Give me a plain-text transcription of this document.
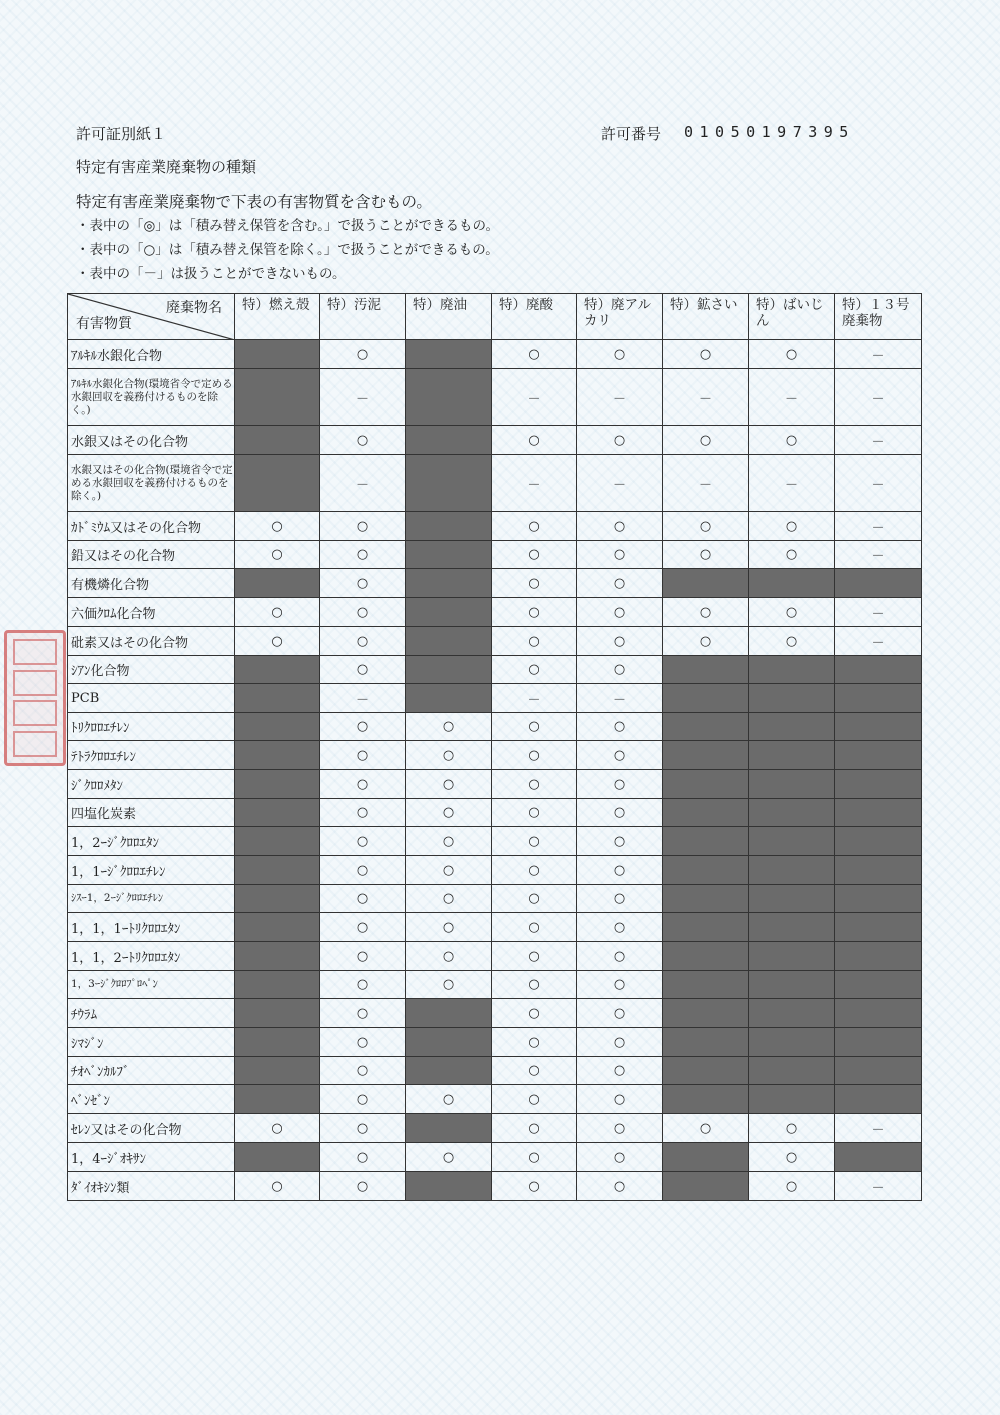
許可証別紙１	許可番号 01050197395
特定有害産業廃棄物の種類
特定有害産業廃棄物で下表の有害物質を含むもの。
・表中の「◎」は「積み替え保管を含む。」で扱うことができるもの。
・表中の「○」は「積み替え保管を除く。」で扱うことができるもの。
・表中の「－」は扱うことができないもの。
廃棄物名
有害物質	特）燃え殻	特）汚泥	特）廃油	特）廃酸	特）廃アルカリ	特）鉱さい	特）ばいじん	特）１３号廃棄物
ｱﾙｷﾙ水銀化合物		○		○	○	○	○	－
ｱﾙｷﾙ水銀化合物(環境省令で定める水銀回収を義務付けるものを除く。)		－		－	－	－	－	－
水銀又はその化合物		○		○	○	○	○	－
水銀又はその化合物(環境省令で定める水銀回収を義務付けるものを除く。)		－		－	－	－	－	－
ｶﾄﾞﾐｳﾑ又はその化合物	○	○		○	○	○	○	－
鉛又はその化合物	○	○		○	○	○	○	－
有機燐化合物		○		○	○			
六価ｸﾛﾑ化合物	○	○		○	○	○	○	－
砒素又はその化合物	○	○		○	○	○	○	－
ｼｱﾝ化合物		○		○	○			
PCB		－		－	－			
ﾄﾘｸﾛﾛｴﾁﾚﾝ		○	○	○	○			
ﾃﾄﾗｸﾛﾛｴﾁﾚﾝ		○	○	○	○			
ｼﾞｸﾛﾛﾒﾀﾝ		○	○	○	○			
四塩化炭素		○	○	○	○			
1，2ｰｼﾞｸﾛﾛｴﾀﾝ		○	○	○	○			
1，1ｰｼﾞｸﾛﾛｴﾁﾚﾝ		○	○	○	○			
ｼｽｰ1，2ｰｼﾞｸﾛﾛｴﾁﾚﾝ		○	○	○	○			
1，1，1ｰﾄﾘｸﾛﾛｴﾀﾝ		○	○	○	○			
1，1，2ｰﾄﾘｸﾛﾛｴﾀﾝ		○	○	○	○			
1，3ｰｼﾞｸﾛﾛﾌﾟﾛﾍﾟﾝ		○	○	○	○			
ﾁｳﾗﾑ		○		○	○			
ｼﾏｼﾞﾝ		○		○	○			
ﾁｵﾍﾞﾝｶﾙﾌﾞ		○		○	○			
ﾍﾞﾝｾﾞﾝ		○	○	○	○			
ｾﾚﾝ又はその化合物	○	○		○	○	○	○	－
1，4ｰｼﾞｵｷｻﾝ		○	○	○	○		○	
ﾀﾞｲｵｷｼﾝ類	○	○		○	○		○	－
